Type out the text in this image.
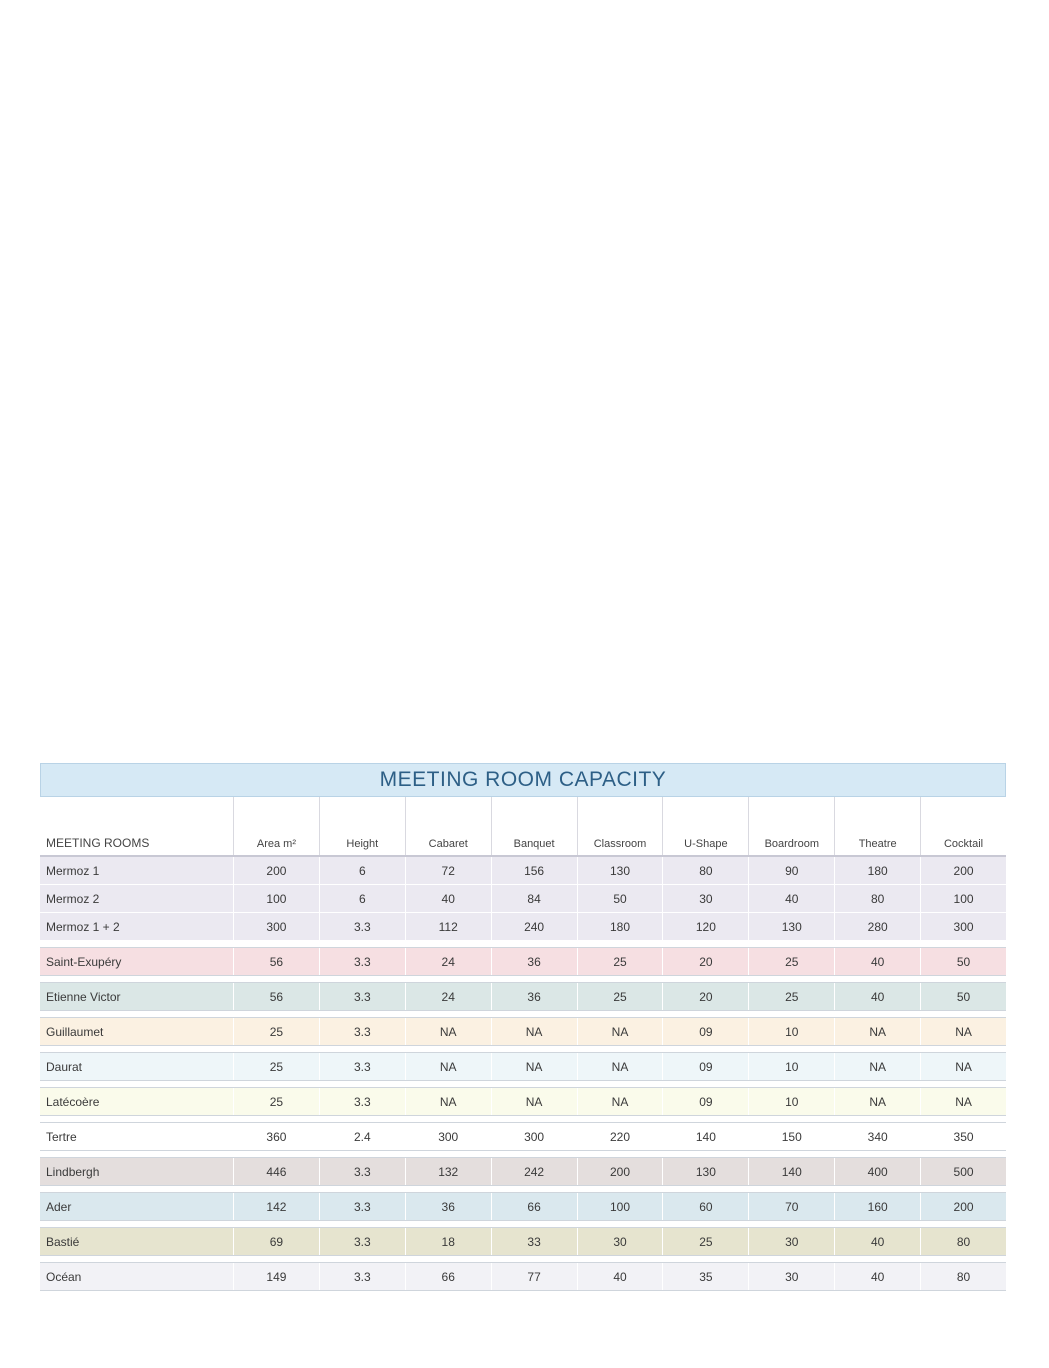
MEETING ROOM CAPACITY
MEETING ROOMS	Area m²	Height	Cabaret	Banquet	Classroom	U-Shape	Boardroom	Theatre	Cocktail
Mermoz 1	200	6	72	156	130	80	90	180	200
Mermoz 2	100	6	40	84	50	30	40	80	100
Mermoz 1 + 2	300	3.3	112	240	180	120	130	280	300
Saint-Exupéry	56	3.3	24	36	25	20	25	40	50
Etienne Victor	56	3.3	24	36	25	20	25	40	50
Guillaumet	25	3.3	NA	NA	NA	09	10	NA	NA
Daurat	25	3.3	NA	NA	NA	09	10	NA	NA
Latécoère	25	3.3	NA	NA	NA	09	10	NA	NA
Tertre	360	2.4	300	300	220	140	150	340	350
Lindbergh	446	3.3	132	242	200	130	140	400	500
Ader	142	3.3	36	66	100	60	70	160	200
Bastié	69	3.3	18	33	30	25	30	40	80
Océan	149	3.3	66	77	40	35	30	40	80
